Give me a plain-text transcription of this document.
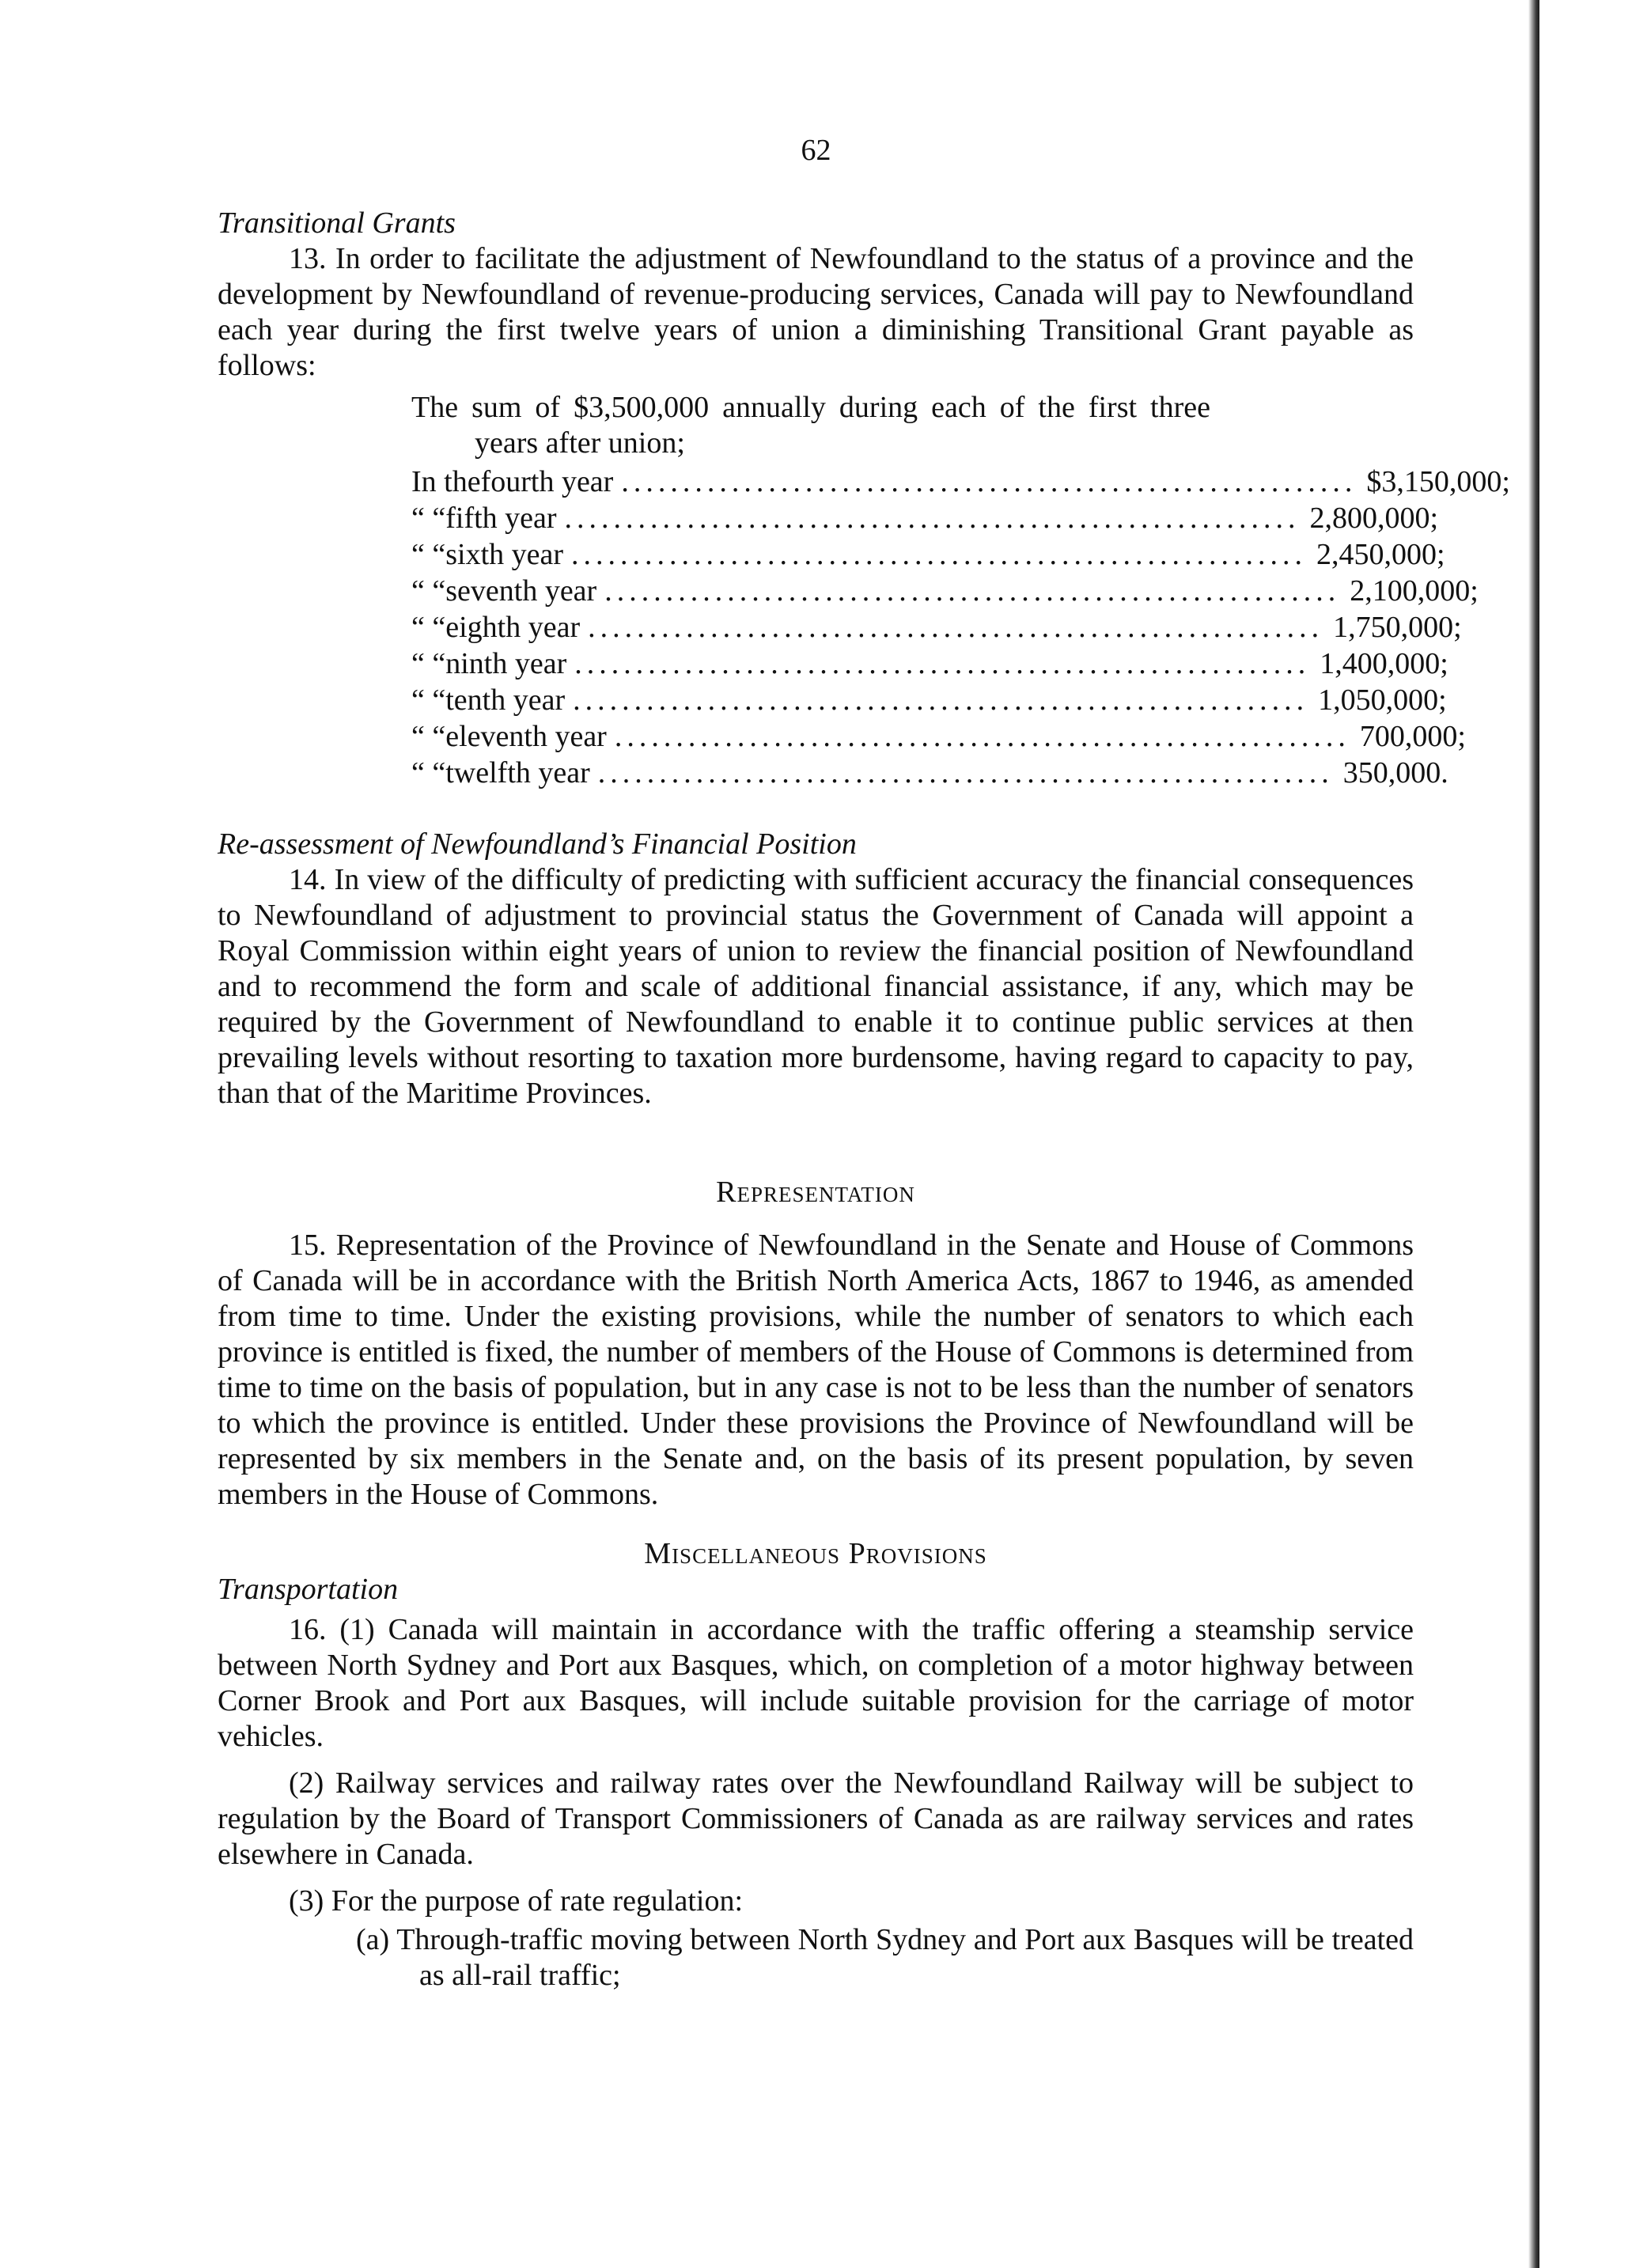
62

Transitional Grants

13. In order to facilitate the adjustment of Newfoundland to the status of a province and the development by Newfoundland of revenue-producing services, Canada will pay to Newfoundland each year during the first twelve years of union a diminishing Transitional Grant payable as follows:

The sum of $3,500,000 annually during each of the first three years after union;

In the fourth year ............................................................ $3,150,000;
“ “ fifth year ............................................................ 2,800,000;
“ “ sixth year ............................................................ 2,450,000;
“ “ seventh year ............................................................ 2,100,000;
“ “ eighth year ............................................................ 1,750,000;
“ “ ninth year ............................................................ 1,400,000;
“ “ tenth year ............................................................ 1,050,000;
“ “ eleventh year ............................................................ 700,000;
“ “ twelfth year ............................................................ 350,000.

Re-assessment of Newfoundland’s Financial Position

14. In view of the difficulty of predicting with sufficient accuracy the financial consequences to Newfoundland of adjustment to provincial status the Government of Canada will appoint a Royal Commission within eight years of union to review the financial position of Newfoundland and to recommend the form and scale of additional financial assistance, if any, which may be required by the Government of Newfoundland to enable it to continue public services at then prevailing levels without resorting to taxation more burdensome, having regard to capacity to pay, than that of the Maritime Provinces.

Representation

15. Representation of the Province of Newfoundland in the Senate and House of Commons of Canada will be in accordance with the British North America Acts, 1867 to 1946, as amended from time to time. Under the existing provisions, while the number of senators to which each province is entitled is fixed, the number of members of the House of Commons is determined from time to time on the basis of population, but in any case is not to be less than the number of senators to which the province is entitled. Under these provisions the Province of Newfoundland will be represented by six members in the Senate and, on the basis of its present population, by seven members in the House of Commons.

Miscellaneous Provisions

Transportation

16. (1) Canada will maintain in accordance with the traffic offering a steamship service between North Sydney and Port aux Basques, which, on completion of a motor highway between Corner Brook and Port aux Basques, will include suitable provision for the carriage of motor vehicles.

(2) Railway services and railway rates over the Newfoundland Railway will be subject to regulation by the Board of Transport Commissioners of Canada as are railway services and rates elsewhere in Canada.

(3) For the purpose of rate regulation:

(a) Through-traffic moving between North Sydney and Port aux Basques will be treated as all-rail traffic;
